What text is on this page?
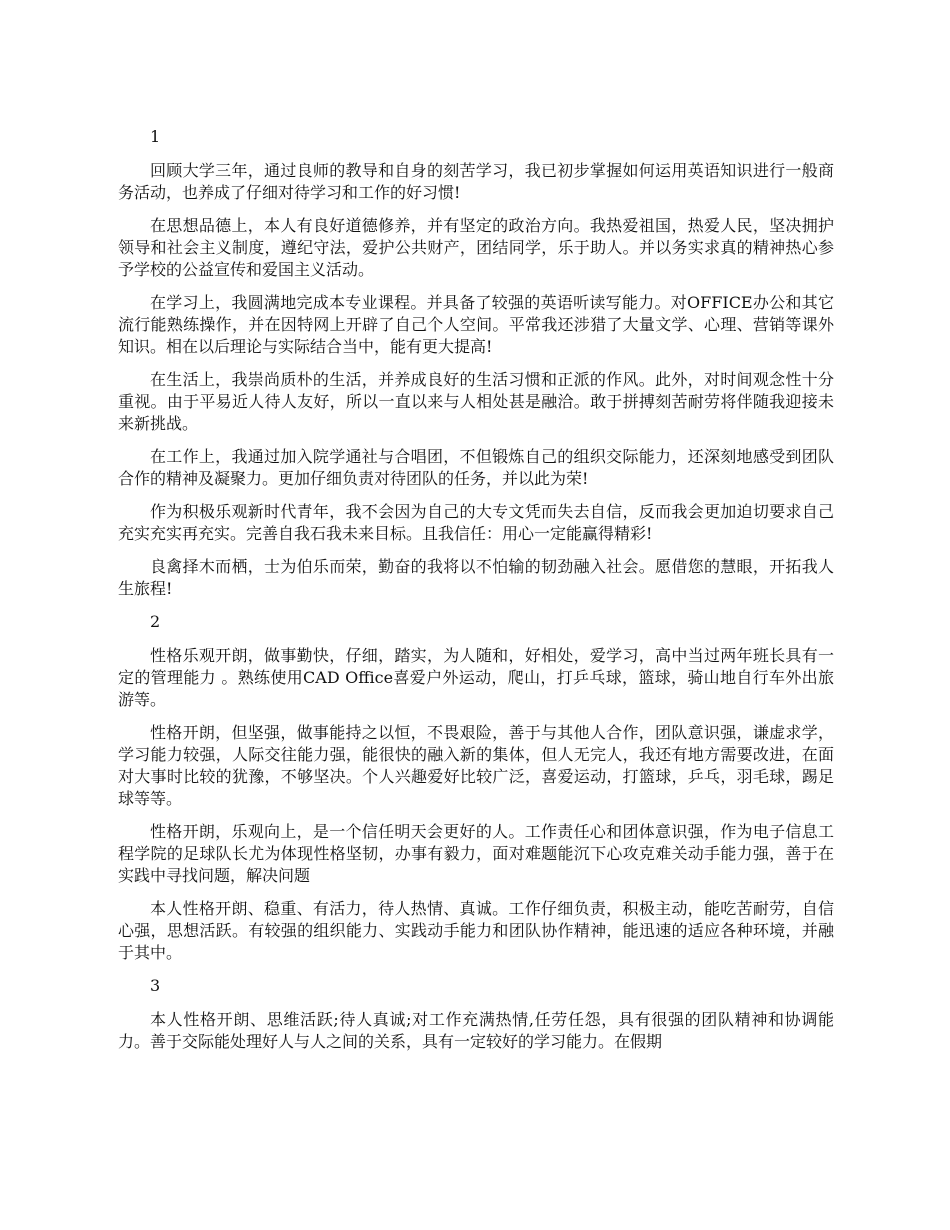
1

回顾大学三年，通过良师的教导和自身的刻苦学习，我已初步掌握如何运用英语知识进行一般商务活动，也养成了仔细对待学习和工作的好习惯!

在思想品德上，本人有良好道德修养，并有坚定的政治方向。我热爱祖国，热爱人民，坚决拥护领导和社会主义制度，遵纪守法，爱护公共财产，团结同学，乐于助人。并以务实求真的精神热心参予学校的公益宣传和爱国主义活动。

在学习上，我圆满地完成本专业课程。并具备了较强的英语听读写能力。对OFFICE办公和其它流行能熟练操作，并在因特网上开辟了自己个人空间。平常我还涉猎了大量文学、心理、营销等课外知识。相在以后理论与实际结合当中，能有更大提高!

在生活上，我崇尚质朴的生活，并养成良好的生活习惯和正派的作风。此外，对时间观念性十分重视。由于平易近人待人友好，所以一直以来与人相处甚是融洽。敢于拼搏刻苦耐劳将伴随我迎接未来新挑战。

在工作上，我通过加入院学通社与合唱团，不但锻炼自己的组织交际能力，还深刻地感受到团队合作的精神及凝聚力。更加仔细负责对待团队的任务，并以此为荣!

作为积极乐观新时代青年，我不会因为自己的大专文凭而失去自信，反而我会更加迫切要求自己充实充实再充实。完善自我石我未来目标。且我信任：用心一定能赢得精彩!

良禽择木而栖，士为伯乐而荣，勤奋的我将以不怕输的韧劲融入社会。愿借您的慧眼，开拓我人生旅程!

2

性格乐观开朗，做事勤快，仔细，踏实，为人随和，好相处，爱学习，高中当过两年班长具有一定的管理能力 。熟练使用CAD Office喜爱户外运动，爬山，打乒乓球，篮球，骑山地自行车外出旅游等。

性格开朗，但坚强，做事能持之以恒，不畏艰险，善于与其他人合作，团队意识强，谦虚求学，学习能力较强，人际交往能力强，能很快的融入新的集体，但人无完人，我还有地方需要改进，在面对大事时比较的犹豫，不够坚决。个人兴趣爱好比较广泛，喜爱运动，打篮球，乒乓，羽毛球，踢足球等等。

性格开朗，乐观向上，是一个信任明天会更好的人。工作责任心和团体意识强，作为电子信息工程学院的足球队长尤为体现性格坚韧，办事有毅力，面对难题能沉下心攻克难关动手能力强，善于在实践中寻找问题，解决问题

本人性格开朗、稳重、有活力，待人热情、真诚。工作仔细负责，积极主动，能吃苦耐劳，自信心强，思想活跃。有较强的组织能力、实践动手能力和团队协作精神，能迅速的适应各种环境，并融于其中。

3

本人性格开朗、思维活跃;待人真诚;对工作充满热情,任劳任怨，具有很强的团队精神和协调能力。善于交际能处理好人与人之间的关系，具有一定较好的学习能力。在假期
